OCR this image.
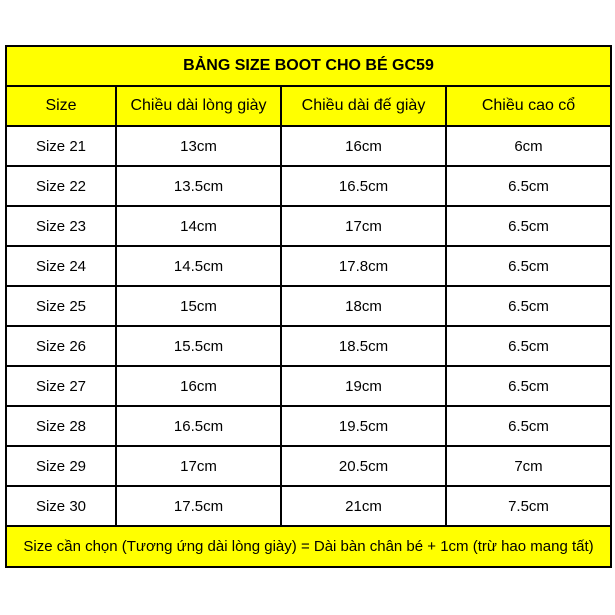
BẢNG SIZE BOOT CHO BÉ GC59			
Size	Chiều dài lòng giày	Chiều dài đế giày	Chiều cao cổ
Size 21	13cm	16cm	6cm
Size 22	13.5cm	16.5cm	6.5cm
Size 23	14cm	17cm	6.5cm
Size 24	14.5cm	17.8cm	6.5cm
Size 25	15cm	18cm	6.5cm
Size 26	15.5cm	18.5cm	6.5cm
Size 27	16cm	19cm	6.5cm
Size 28	16.5cm	19.5cm	6.5cm
Size 29	17cm	20.5cm	7cm
Size 30	17.5cm	21cm	7.5cm
Size cần chọn (Tương ứng dài lòng giày) = Dài bàn chân bé + 1cm (trừ hao mang tất)			
